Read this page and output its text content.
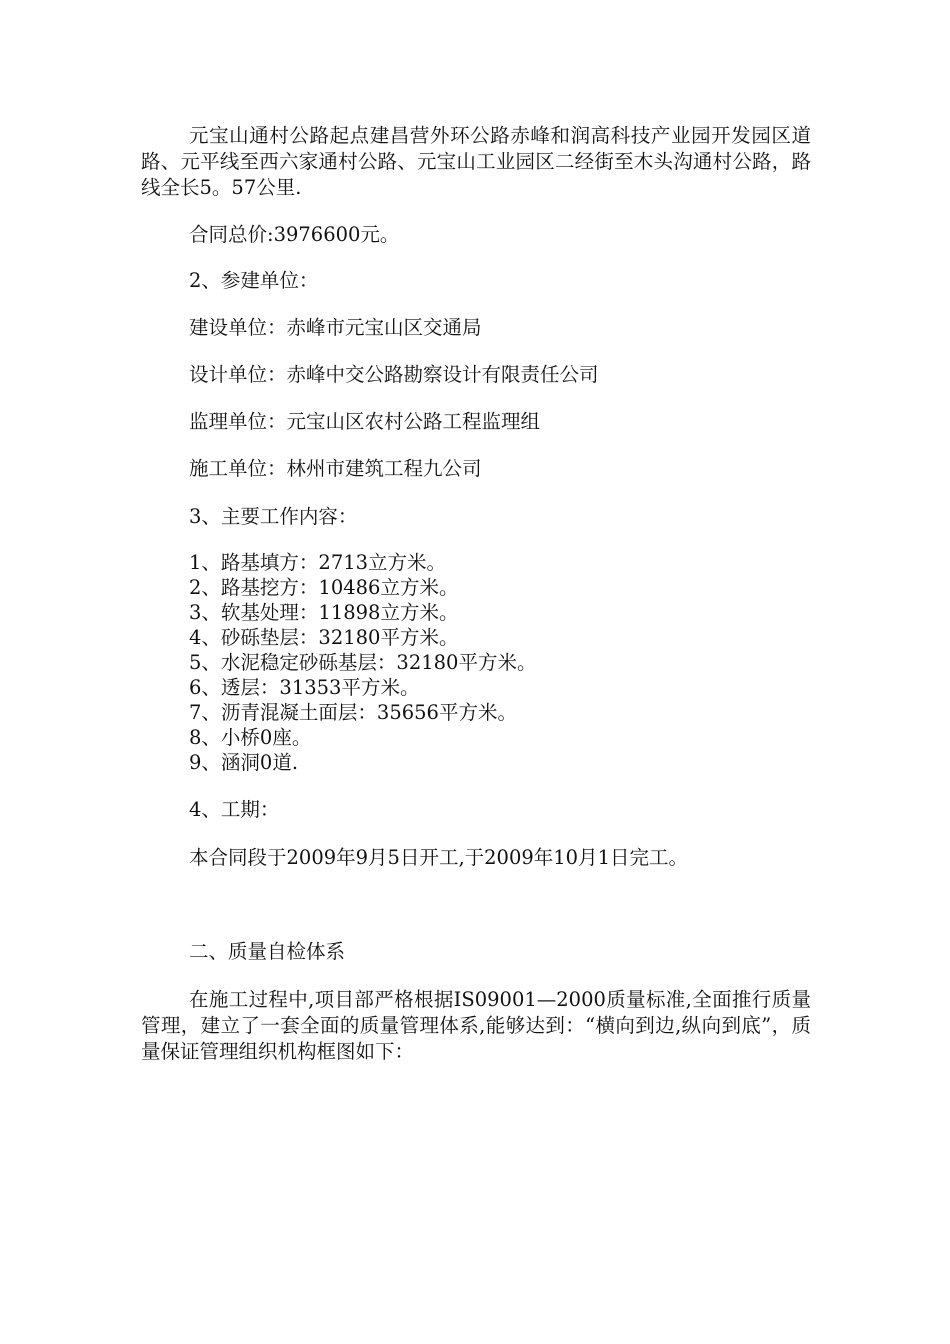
元宝山通村公路起点建昌营外环公路赤峰和润高科技产业园开发园区道路、元平线至西六家通村公路、元宝山工业园区二经街至木头沟通村公路，路线全长5。57公里.

合同总价:3976600元。

2、参建单位：

建设单位：赤峰市元宝山区交通局

设计单位：赤峰中交公路勘察设计有限责任公司

监理单位：元宝山区农村公路工程监理组

施工单位：林州市建筑工程九公司

3、主要工作内容：

1、路基填方：2713立方米。
2、路基挖方：10486立方米。
3、软基处理：11898立方米。
4、砂砾垫层：32180平方米。
5、水泥稳定砂砾基层：32180平方米。
6、透层：31353平方米。
7、沥青混凝土面层：35656平方米。
8、小桥0座。
9、涵洞0道.

4、工期：

本合同段于2009年9月5日开工,于2009年10月1日完工。

二、质量自检体系

在施工过程中,项目部严格根据IS09001—2000质量标准,全面推行质量管理，建立了一套全面的质量管理体系,能够达到：“横向到边,纵向到底”，质量保证管理组织机构框图如下：
